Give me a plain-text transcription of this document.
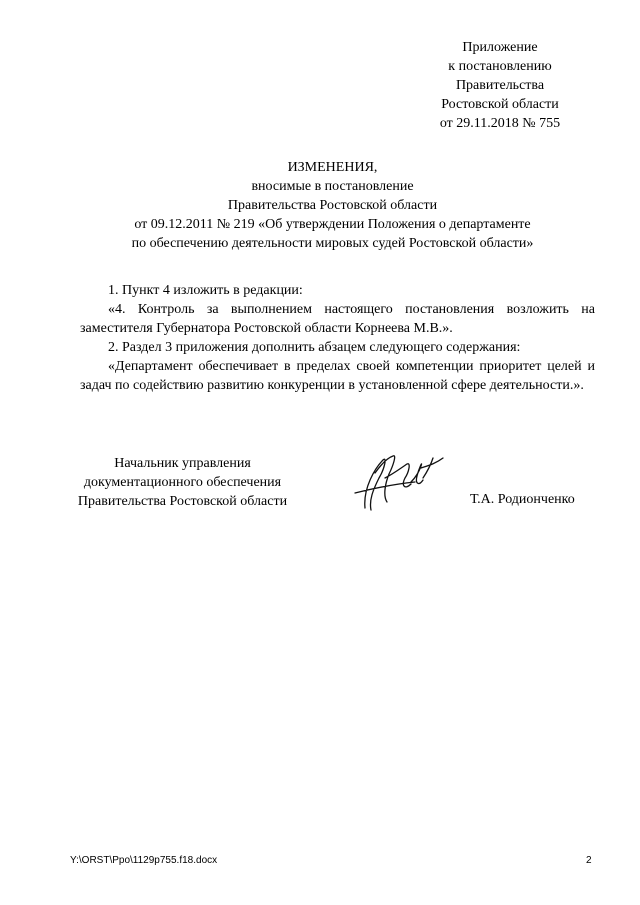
Приложение
к постановлению
Правительства
Ростовской области
от 29.11.2018 № 755
ИЗМЕНЕНИЯ,
вносимые в постановление
Правительства Ростовской области
от 09.12.2011 № 219 «Об утверждении Положения о департаменте
по обеспечению деятельности мировых судей Ростовской области»

1. Пункт 4 изложить в редакции:

«4. Контроль за выполнением настоящего постановления возложить на заместителя Губернатора Ростовской области Корнеева М.В.».

2. Раздел 3 приложения дополнить абзацем следующего содержания:

«Департамент обеспечивает в пределах своей компетенции приоритет целей и задач по содействию развитию конкуренции в установленной сфере деятельности.».

Начальник управления
документационного обеспечения
Правительства Ростовской области	Т.А. Родионченко
Y:\ORST\Ppo\1129p755.f18.docx	2
